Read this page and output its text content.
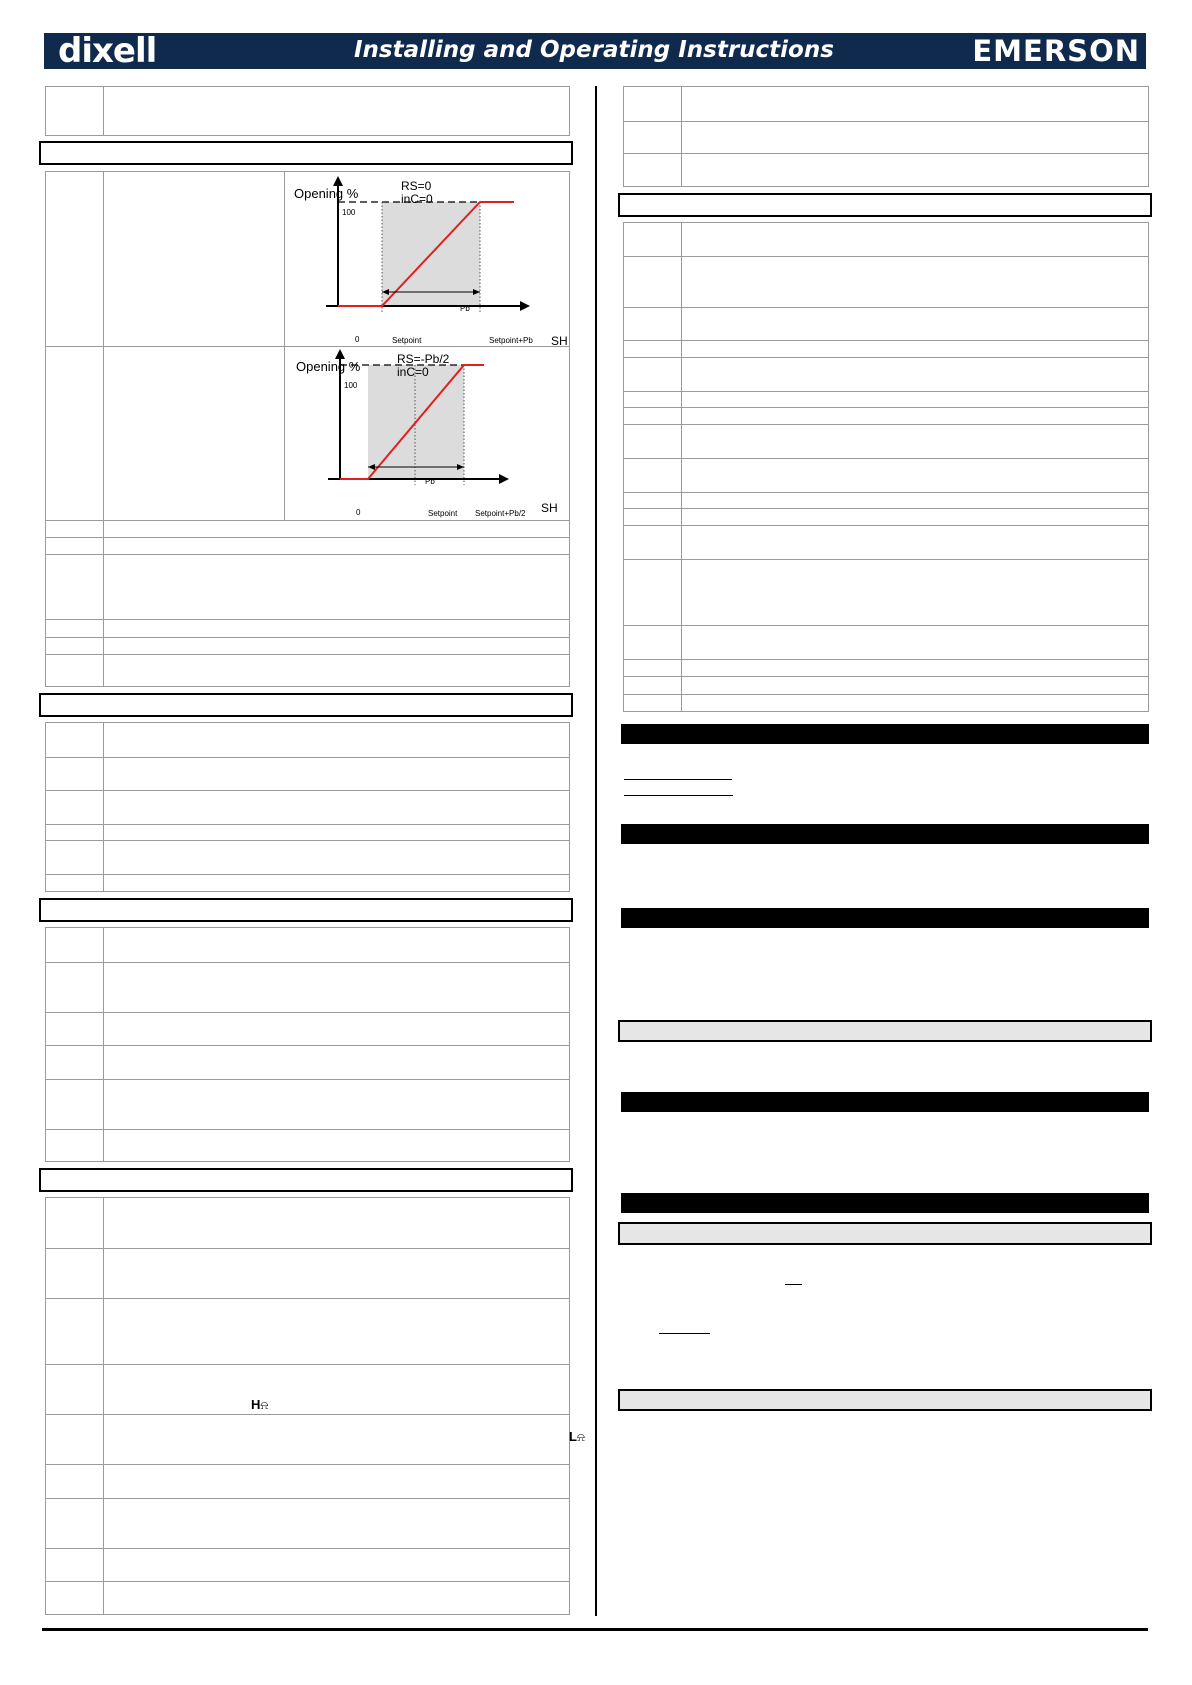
dixell	Installing and Operating Instructions	EMERSON
Opening %	RS=0
inC=0
100
0	Setpoint	Setpoint+Pb SH
Pb
Opening %	RS=-Pb/2
inC=0
100
0	Setpoint Setpoint+Pb/2 SH
Pb
H⍾
L⍾
